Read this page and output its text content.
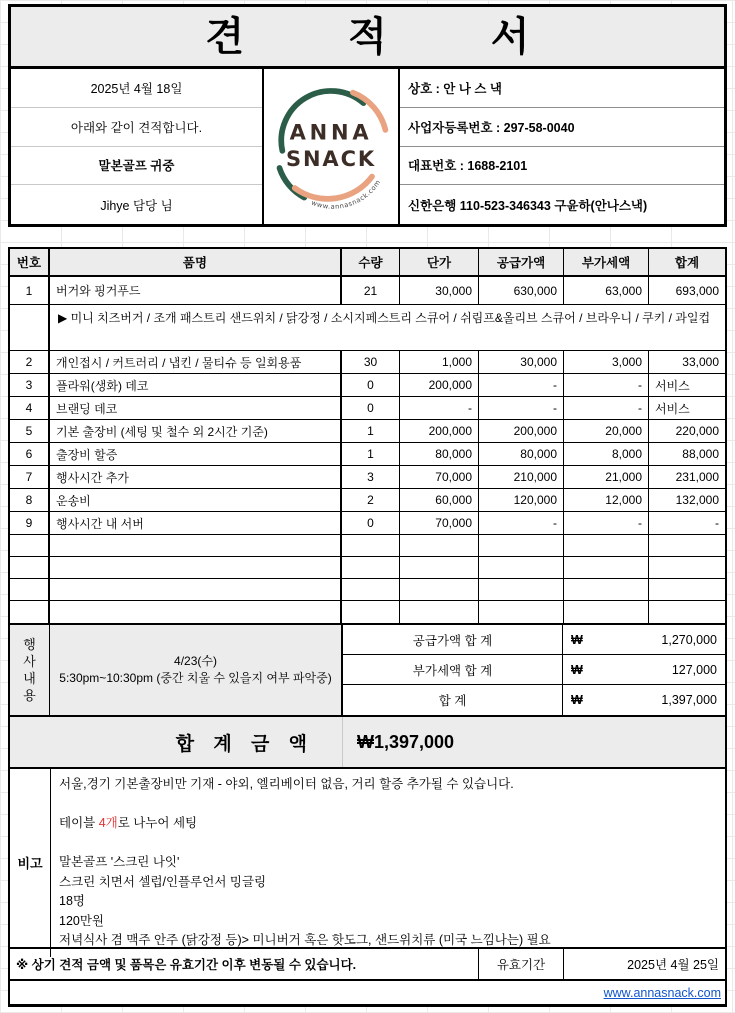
견적서
2025년 4월 18일
아래와 같이 견적합니다.
말본골프 귀중
Jihye 담당 님
ANNA
SNACK
www.annasnack.com
상호 : 안 나 스 낵
사업자등록번호 : 297-58-0040
대표번호 : 1688-2101
신한은행 110-523-346343 구윤하(안나스낵)
번호	품명	수량	단가	공급가액	부가세액	합계
1	버거와 핑거푸드	21	30,000	630,000	63,000	693,000
▶ 미니 치즈버거 / 조개 패스트리 샌드위치 / 닭강정 / 소시지페스트리 스큐어 / 쉬림프&올리브 스큐어 / 브라우니 / 쿠키 / 과일컵
2	개인접시 / 커트러리 / 냅킨 / 물티슈 등 일회용품	30	1,000	30,000	3,000	33,000
3	플라워(생화) 데코	0	200,000	-	-	서비스
4	브랜딩 데코	0	-	-	-	서비스
5	기본 출장비 (세팅 및 철수 외 2시간 기준)	1	200,000	200,000	20,000	220,000
6	출장비 할증	1	80,000	80,000	8,000	88,000
7	행사시간 추가	3	70,000	210,000	21,000	231,000
8	운송비	2	60,000	120,000	12,000	132,000
9	행사시간 내 서버	0	70,000	-	-	-
행사내용
4/23(수)
5:30pm~10:30pm (중간 치울 수 있을지 여부 파악중)
공급가액 합 계	₩	1,270,000
부가세액 합 계	₩	127,000
합 계	₩	1,397,000
합 계 금 액	₩1,397,000
비고
서울,경기 기본출장비만 기재 - 야외, 엘리베이터 없음, 거리 할증 추가될 수 있습니다.

테이블 4개로 나누어 세팅

말본골프 '스크린 나잇'
스크린 치면서 셀럽/인플루언서 밍글링
18명
120만원
저녁식사 겸 맥주 안주 (닭강정 등)> 미니버거 혹은 핫도그, 샌드위치류 (미국 느낌나는) 필요
※ 상기 견적 금액 및 품목은 유효기간 이후 변동될 수 있습니다.	유효기간	2025년 4월 25일
www.annasnack.com
